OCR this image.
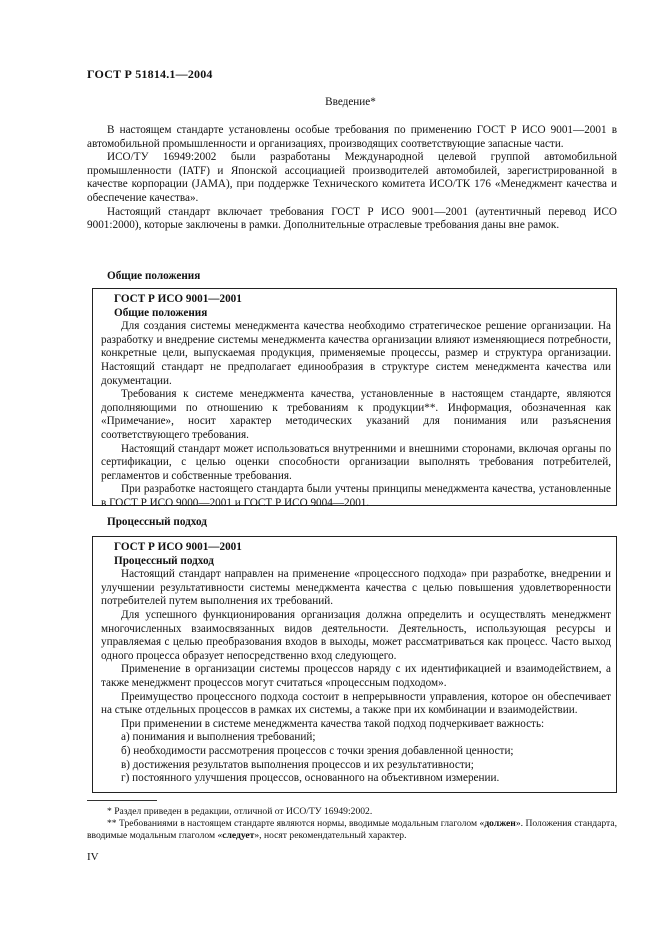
ГОСТ Р 51814.1—2004
Введение*

В настоящем стандарте установлены особые требования по применению ГОСТ Р ИСО 9001—2001 в автомобильной промышленности и организациях, производящих соответствующие запасные части.

ИСО/ТУ 16949:2002 были разработаны Международной целевой группой автомобильной промышленности (IATF) и Японской ассоциацией производителей автомобилей, зарегистрированной в качестве корпорации (JAMA), при поддержке Технического комитета ИСО/ТК 176 «Менеджмент качества и обеспечение качества».

Настоящий стандарт включает требования ГОСТ Р ИСО 9001—2001 (аутентичный перевод ИСО 9001:2000), которые заключены в рамки. Дополнительные отраслевые требования даны вне рамок.

Общие положения
ГОСТ Р ИСО 9001—2001
Общие положения

Для создания системы менеджмента качества необходимо стратегическое решение организации. На разработку и внедрение системы менеджмента качества организации влияют изменяющиеся потребности, конкретные цели, выпускаемая продукция, применяемые процессы, размер и структура организации. Настоящий стандарт не предполагает единообразия в структуре систем менеджмента качества или документации.

Требования к системе менеджмента качества, установленные в настоящем стандарте, являются дополняющими по отношению к требованиям к продукции**. Информация, обозначенная как «Примечание», носит характер методических указаний для понимания или разъяснения соответствующего требования.

Настоящий стандарт может использоваться внутренними и внешними сторонами, включая органы по сертификации, с целью оценки способности организации выполнять требования потребителей, регламентов и собственные требования.

При разработке настоящего стандарта были учтены принципы менеджмента качества, установленные в ГОСТ Р ИСО 9000—2001 и ГОСТ Р ИСО 9004—2001.

Процессный подход
ГОСТ Р ИСО 9001—2001
Процессный подход

Настоящий стандарт направлен на применение «процессного подхода» при разработке, внедрении и улучшении результативности системы менеджмента качества с целью повышения удовлетворенности потребителей путем выполнения их требований.

Для успешного функционирования организация должна определить и осуществлять менеджмент многочисленных взаимосвязанных видов деятельности. Деятельность, использующая ресурсы и управляемая с целью преобразования входов в выходы, может рассматриваться как процесс. Часто выход одного процесса образует непосредственно вход следующего.

Применение в организации системы процессов наряду с их идентификацией и взаимодействием, а также менеджмент процессов могут считаться «процессным подходом».

Преимущество процессного подхода состоит в непрерывности управления, которое он обеспечивает на стыке отдельных процессов в рамках их системы, а также при их комбинации и взаимодействии.

При применении в системе менеджмента качества такой подход подчеркивает важность:

а) понимания и выполнения требований;

б) необходимости рассмотрения процессов с точки зрения добавленной ценности;

в) достижения результатов выполнения процессов и их результативности;

г) постоянного улучшения процессов, основанного на объективном измерении.

* Раздел приведен в редакции, отличной от ИСО/ТУ 16949:2002.

** Требованиями в настоящем стандарте являются нормы, вводимые модальным глаголом «должен». Положения стандарта, вводимые модальным глаголом «следует», носят рекомендательный характер.

IV
